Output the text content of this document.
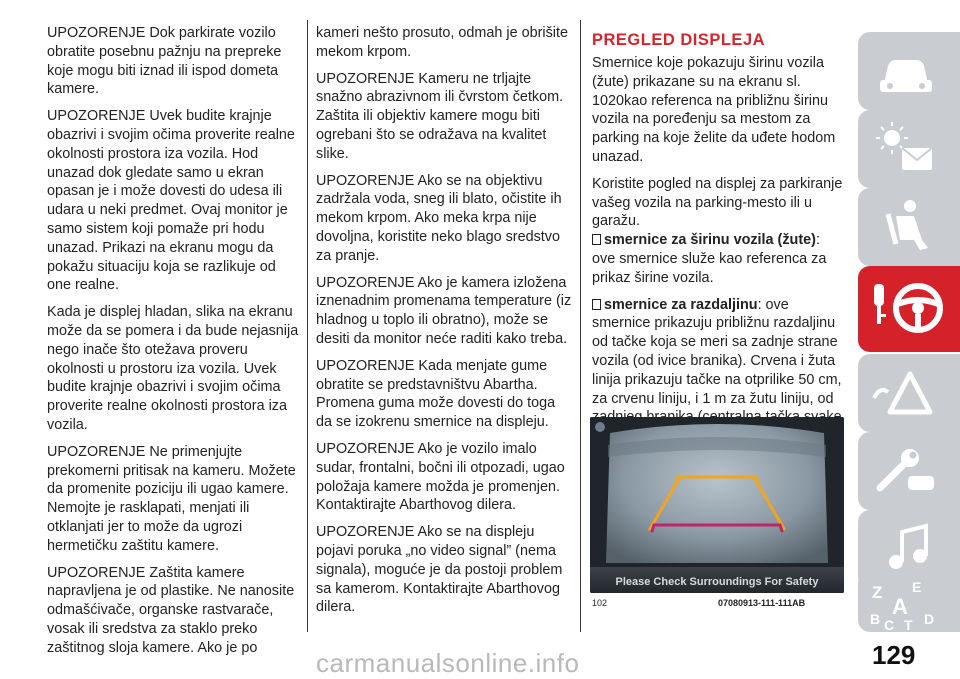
UPOZORENJE Dok parkirate vozilo obratite posebnu pažnju na prepreke koje mogu biti iznad ili ispod dometa kamere.

UPOZORENJE Uvek budite krajnje obazrivi i svojim očima proverite realne okolnosti prostora iza vozila. Hod unazad dok gledate samo u ekran opasan je i može dovesti do udesa ili udara u neki predmet. Ovaj monitor je samo sistem koji pomaže pri hodu unazad. Prikazi na ekranu mogu da pokažu situaciju koja se razlikuje od one realne.

Kada je displej hladan, slika na ekranu može da se pomera i da bude nejasnija nego inače što otežava proveru okolnosti u prostoru iza vozila. Uvek budite krajnje obazrivi i svojim očima proverite realne okolnosti prostora iza vozila.

UPOZORENJE Ne primenjujte prekomerni pritisak na kameru. Možete da promenite poziciju ili ugao kamere. Nemojte je rasklapati, menjati ili otklanjati jer to može da ugrozi hermetičku zaštitu kamere.

UPOZORENJE Zaštita kamere napravljena je od plastike. Ne nanosite odmašćivače, organske rastvarače, vosak ili sredstva za staklo preko zaštitnog sloja kamere. Ako je po

kameri nešto prosuto, odmah je obrišite mekom krpom.

UPOZORENJE Kameru ne trljajte snažno abrazivnom ili čvrstom četkom. Zaštita ili objektiv kamere mogu biti ogrebani što se odražava na kvalitet slike.

UPOZORENJE Ako se na objektivu zadržala voda, sneg ili blato, očistite ih mekom krpom. Ako meka krpa nije dovoljna, koristite neko blago sredstvo za pranje.

UPOZORENJE Ako je kamera izložena iznenadnim promenama temperature (iz hladnog u toplo ili obratno), može se desiti da monitor neće raditi kako treba.

UPOZORENJE Kada menjate gume obratite se predstavništvu Abartha. Promena guma može dovesti do toga da se izokrenu smernice na displeju.

UPOZORENJE Ako je vozilo imalo sudar, frontalni, bočni ili otpozadi, ugao položaja kamere možda je promenjen. Kontaktirajte Abarthovog dilera.

UPOZORENJE Ako se na displeju pojavi poruka „no video signal” (nema signala), moguće je da postoji problem sa kamerom. Kontaktirajte Abarthovog dilera.

PREGLED DISPLEJA

Smernice koje pokazuju širinu vozila (žute) prikazane su na ekranu sl. 1020kao referenca na približnu širinu vozila na poređenju sa mestom za parking na koje želite da uđete hodom unazad.

Koristite pogled na displej za parkiranje vašeg vozila na parking-mesto ili u garažu.

smernice za širinu vozila (žute): ove smernice služe kao referenca za prikaz širine vozila.

smernice za razdaljinu: ove smernice prikazuju približnu razdaljinu od tačke koja se meri sa zadnje strane vozila (od ivice branika). Crvena i žuta linija prikazuju tačke na otprilike 50 cm, za crvenu liniju, i 1 m za žutu liniju, od

Please Check Surroundings For Safety
102	07080913-111-111AB
Z E
A
B C T D
129
carmanualsonline.info
